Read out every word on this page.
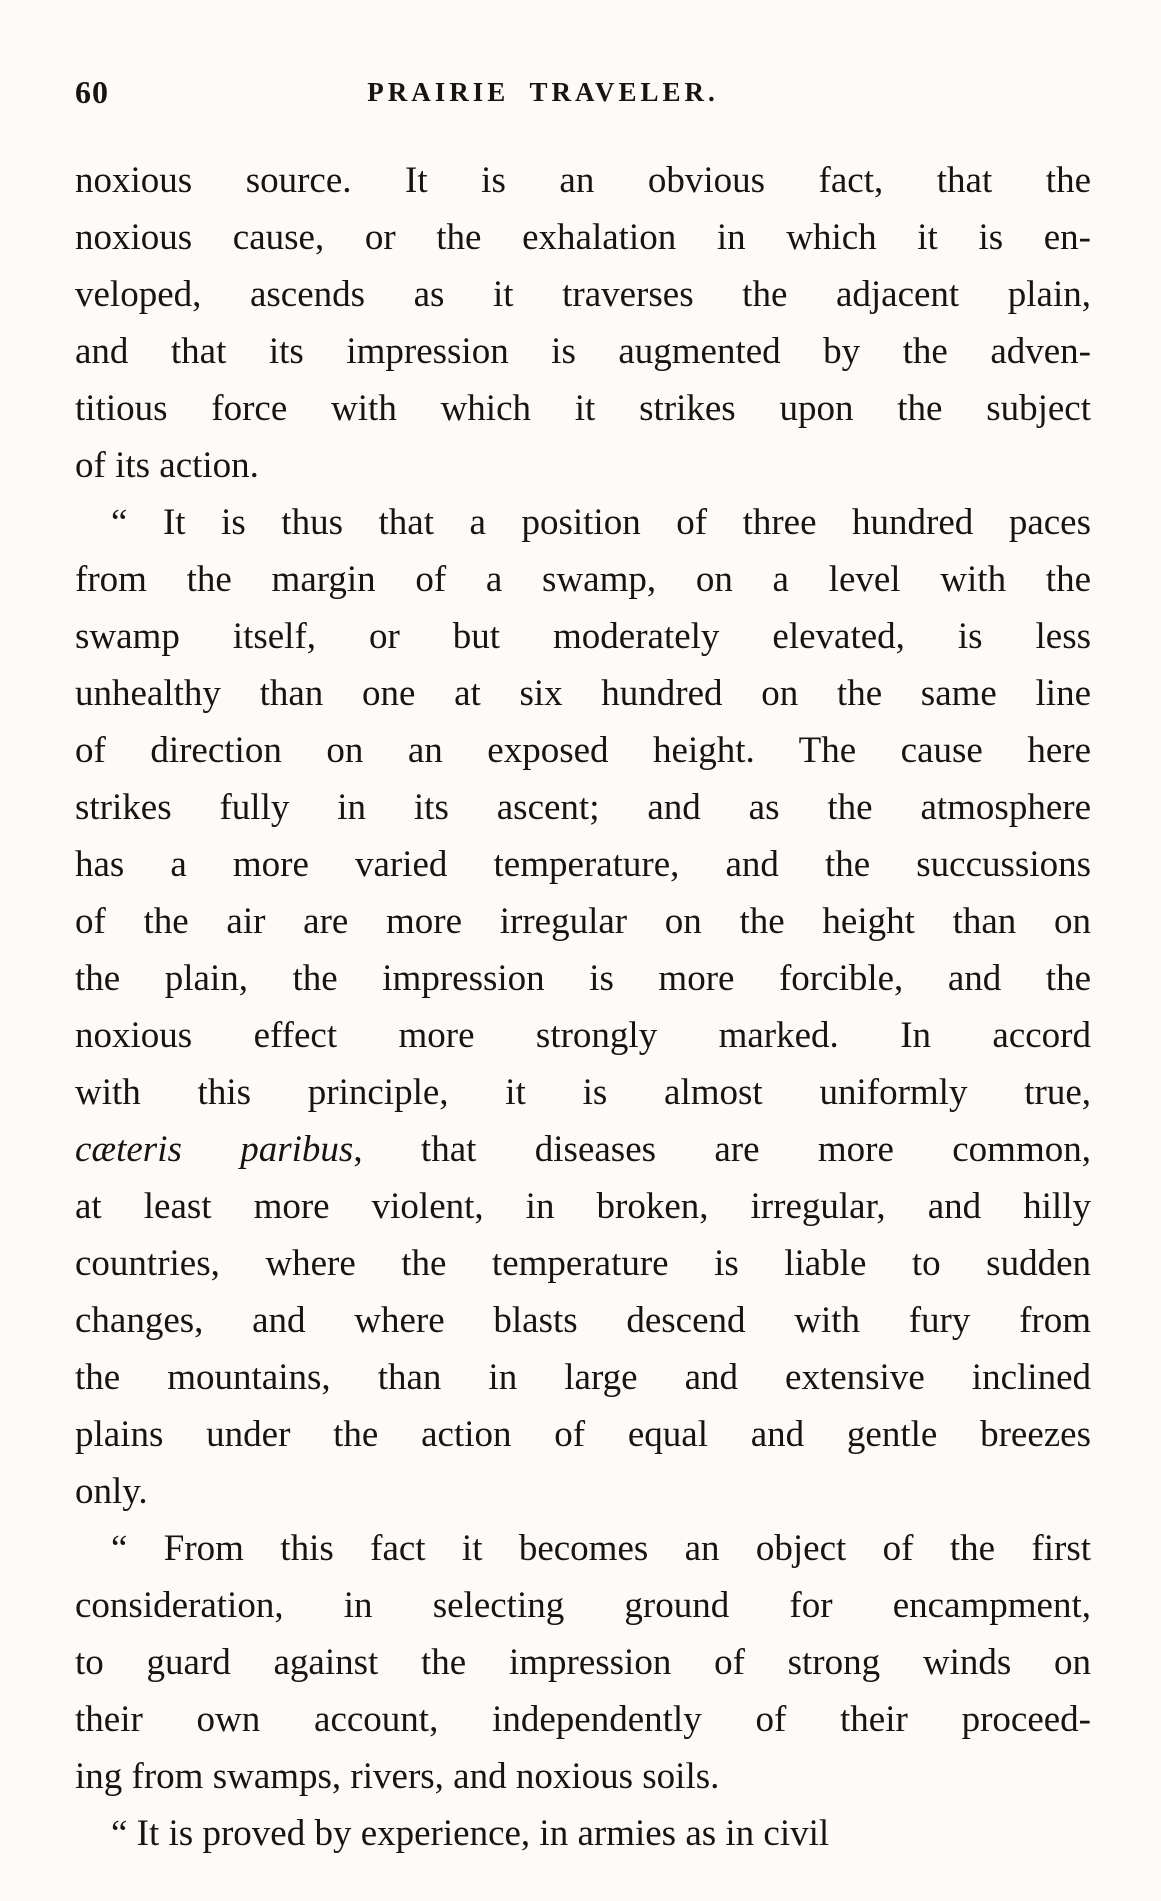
60	PRAIRIE TRAVELER.
noxious source. It is an obvious fact, that the
noxious cause, or the exhalation in which it is en-
veloped, ascends as it traverses the adjacent plain,
and that its impression is augmented by the adven-
titious force with which it strikes upon the subject
of its action.
“ It is thus that a position of three hundred paces
from the margin of a swamp, on a level with the
swamp itself, or but moderately elevated, is less
unhealthy than one at six hundred on the same line
of direction on an exposed height. The cause here
strikes fully in its ascent; and as the atmosphere
has a more varied temperature, and the succussions
of the air are more irregular on the height than on
the plain, the impression is more forcible, and the
noxious effect more strongly marked. In accord
with this principle, it is almost uniformly true,
cæteris paribus, that diseases are more common,
at least more violent, in broken, irregular, and hilly
countries, where the temperature is liable to sudden
changes, and where blasts descend with fury from
the mountains, than in large and extensive inclined
plains under the action of equal and gentle breezes
only.
“ From this fact it becomes an object of the first
consideration, in selecting ground for encampment,
to guard against the impression of strong winds on
their own account, independently of their proceed-
ing from swamps, rivers, and noxious soils.
“ It is proved by experience, in armies as in civil
